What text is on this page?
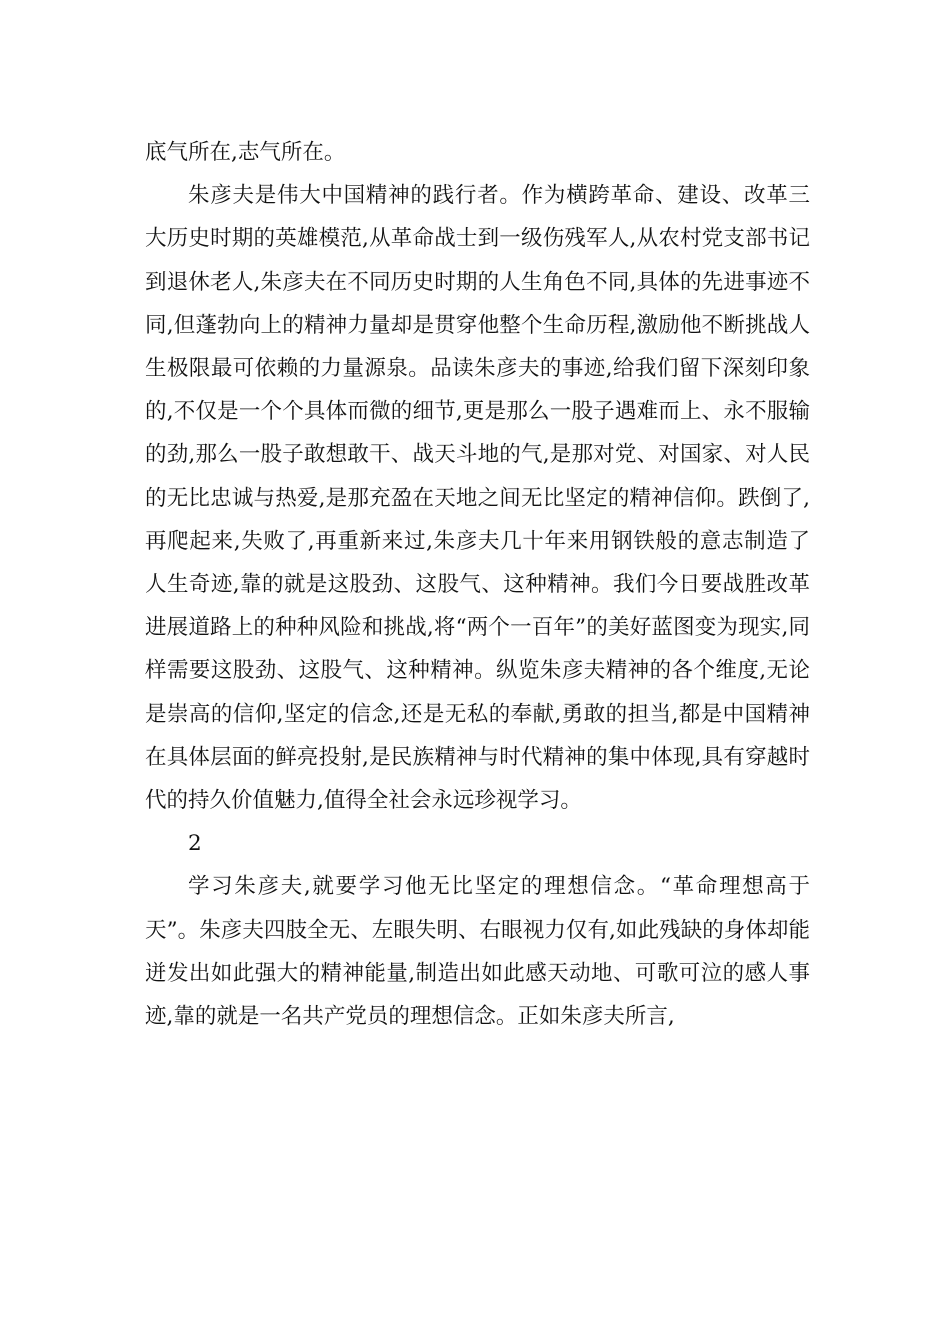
底气所在,志气所在。

朱彦夫是伟大中国精神的践行者。作为横跨革命、建设、改革三大历史时期的英雄模范,从革命战士到一级伤残军人,从农村党支部书记到退休老人,朱彦夫在不同历史时期的人生角色不同,具体的先进事迹不同,但蓬勃向上的精神力量却是贯穿他整个生命历程,激励他不断挑战人生极限最可依赖的力量源泉。品读朱彦夫的事迹,给我们留下深刻印象的,不仅是一个个具体而微的细节,更是那么一股子遇难而上、永不服输的劲,那么一股子敢想敢干、战天斗地的气,是那对党、对国家、对人民的无比忠诚与热爱,是那充盈在天地之间无比坚定的精神信仰。跌倒了,再爬起来,失败了,再重新来过,朱彦夫几十年来用钢铁般的意志制造了人生奇迹,靠的就是这股劲、这股气、这种精神。我们今日要战胜改革进展道路上的种种风险和挑战,将“两个一百年”的美好蓝图变为现实,同样需要这股劲、这股气、这种精神。纵览朱彦夫精神的各个维度,无论是崇高的信仰,坚定的信念,还是无私的奉献,勇敢的担当,都是中国精神在具体层面的鲜亮投射,是民族精神与时代精神的集中体现,具有穿越时代的持久价值魅力,值得全社会永远珍视学习。

2

学习朱彦夫,就要学习他无比坚定的理想信念。“革命理想高于天”。朱彦夫四肢全无、左眼失明、右眼视力仅有,如此残缺的身体却能迸发出如此强大的精神能量,制造出如此感天动地、可歌可泣的感人事迹,靠的就是一名共产党员的理想信念。正如朱彦夫所言,
